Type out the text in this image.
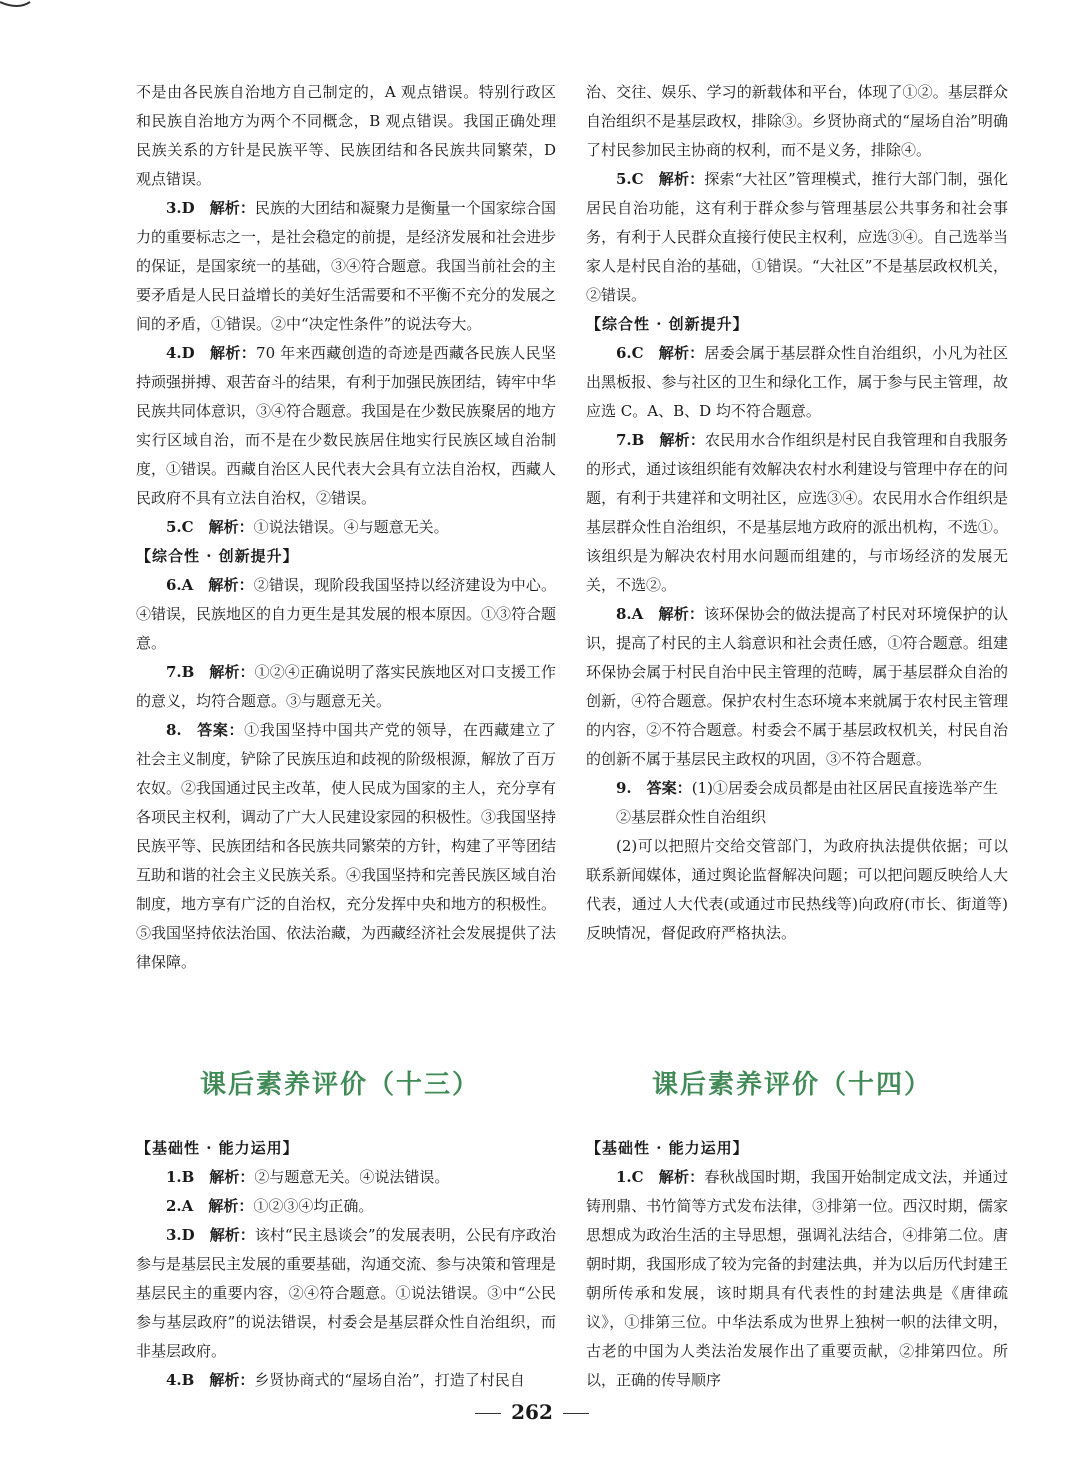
不是由各民族自治地方自己制定的，A 观点错误。特别行政区和民族自治地方为两个不同概念，B 观点错误。我国正确处理民族关系的方针是民族平等、民族团结和各民族共同繁荣，D 观点错误。

3.D  解析：民族的大团结和凝聚力是衡量一个国家综合国力的重要标志之一，是社会稳定的前提，是经济发展和社会进步的保证，是国家统一的基础，③④符合题意。我国当前社会的主要矛盾是人民日益增长的美好生活需要和不平衡不充分的发展之间的矛盾，①错误。②中“决定性条件”的说法夸大。

4.D  解析：70 年来西藏创造的奇迹是西藏各民族人民坚持顽强拼搏、艰苦奋斗的结果，有利于加强民族团结，铸牢中华民族共同体意识，③④符合题意。我国是在少数民族聚居的地方实行区域自治，而不是在少数民族居住地实行民族区域自治制度，①错误。西藏自治区人民代表大会具有立法自治权，西藏人民政府不具有立法自治权，②错误。

5.C  解析：①说法错误。④与题意无关。

【综合性 · 创新提升】

6.A  解析：②错误，现阶段我国坚持以经济建设为中心。④错误，民族地区的自力更生是其发展的根本原因。①③符合题意。

7.B  解析：①②④正确说明了落实民族地区对口支援工作的意义，均符合题意。③与题意无关。

8.  答案：①我国坚持中国共产党的领导，在西藏建立了社会主义制度，铲除了民族压迫和歧视的阶级根源，解放了百万农奴。②我国通过民主改革，使人民成为国家的主人，充分享有各项民主权利，调动了广大人民建设家园的积极性。③我国坚持民族平等、民族团结和各民族共同繁荣的方针，构建了平等团结互助和谐的社会主义民族关系。④我国坚持和完善民族区域自治制度，地方享有广泛的自治权，充分发挥中央和地方的积极性。⑤我国坚持依法治国、依法治藏，为西藏经济社会发展提供了法律保障。

治、交往、娱乐、学习的新载体和平台，体现了①②。基层群众自治组织不是基层政权，排除③。乡贤协商式的“屋场自治”明确了村民参加民主协商的权利，而不是义务，排除④。

5.C  解析：探索“大社区”管理模式，推行大部门制，强化居民自治功能，这有利于群众参与管理基层公共事务和社会事务，有利于人民群众直接行使民主权利，应选③④。自己选举当家人是村民自治的基础，①错误。“大社区”不是基层政权机关，②错误。

【综合性 · 创新提升】

6.C  解析：居委会属于基层群众性自治组织，小凡为社区出黑板报、参与社区的卫生和绿化工作，属于参与民主管理，故应选 C。A、B、D 均不符合题意。

7.B  解析：农民用水合作组织是村民自我管理和自我服务的形式，通过该组织能有效解决农村水利建设与管理中存在的问题，有利于共建祥和文明社区，应选③④。农民用水合作组织是基层群众性自治组织，不是基层地方政府的派出机构，不选①。该组织是为解决农村用水问题而组建的，与市场经济的发展无关，不选②。

8.A  解析：该环保协会的做法提高了村民对环境保护的认识，提高了村民的主人翁意识和社会责任感，①符合题意。组建环保协会属于村民自治中民主管理的范畴，属于基层群众自治的创新，④符合题意。保护农村生态环境本来就属于农村民主管理的内容，②不符合题意。村委会不属于基层政权机关，村民自治的创新不属于基层民主政权的巩固，③不符合题意。

9.  答案：(1)①居委会成员都是由社区居民直接选举产生

②基层群众性自治组织

(2)可以把照片交给交管部门，为政府执法提供依据；可以联系新闻媒体，通过舆论监督解决问题；可以把问题反映给人大代表，通过人大代表(或通过市民热线等)向政府(市长、街道等)反映情况，督促政府严格执法。

课后素养评价（十三）	课后素养评价（十四）

【基础性 · 能力运用】

1.B  解析：②与题意无关。④说法错误。

2.A  解析：①②③④均正确。

3.D  解析：该村“民主恳谈会”的发展表明，公民有序政治参与是基层民主发展的重要基础，沟通交流、参与决策和管理是基层民主的重要内容，②④符合题意。①说法错误。③中“公民参与基层政府”的说法错误，村委会是基层群众性自治组织，而非基层政府。

4.B  解析：乡贤协商式的“屋场自治”，打造了村民自

【基础性 · 能力运用】

1.C  解析：春秋战国时期，我国开始制定成文法，并通过铸刑鼎、书竹简等方式发布法律，③排第一位。西汉时期，儒家思想成为政治生活的主导思想，强调礼法结合，④排第二位。唐朝时期，我国形成了较为完备的封建法典，并为以后历代封建王朝所传承和发展，该时期具有代表性的封建法典是《唐律疏议》，①排第三位。中华法系成为世界上独树一帜的法律文明，古老的中国为人类法治发展作出了重要贡献，②排第四位。所以，正确的传导顺序

262
